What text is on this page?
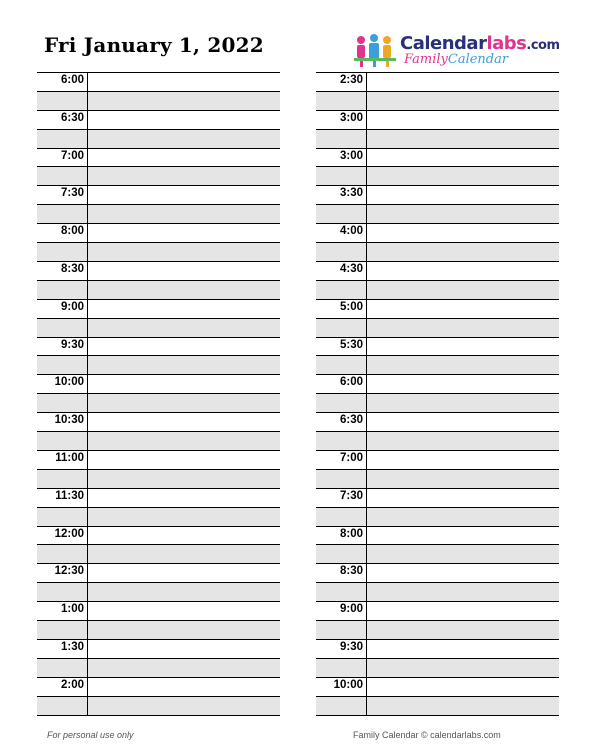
Fri January 1, 2022	Calendarlabs.com
FamilyCalendar
6:00
6:30
7:00
7:30
8:00
8:30
9:00
9:30
10:00
10:30
11:00
11:30
12:00
12:30
1:00
1:30
2:00
2:30
3:00
3:00
3:30
4:00
4:30
5:00
5:30
6:00
6:30
7:00
7:30
8:00
8:30
9:00
9:30
10:00
For personal use only	Family Calendar © calendarlabs.com
